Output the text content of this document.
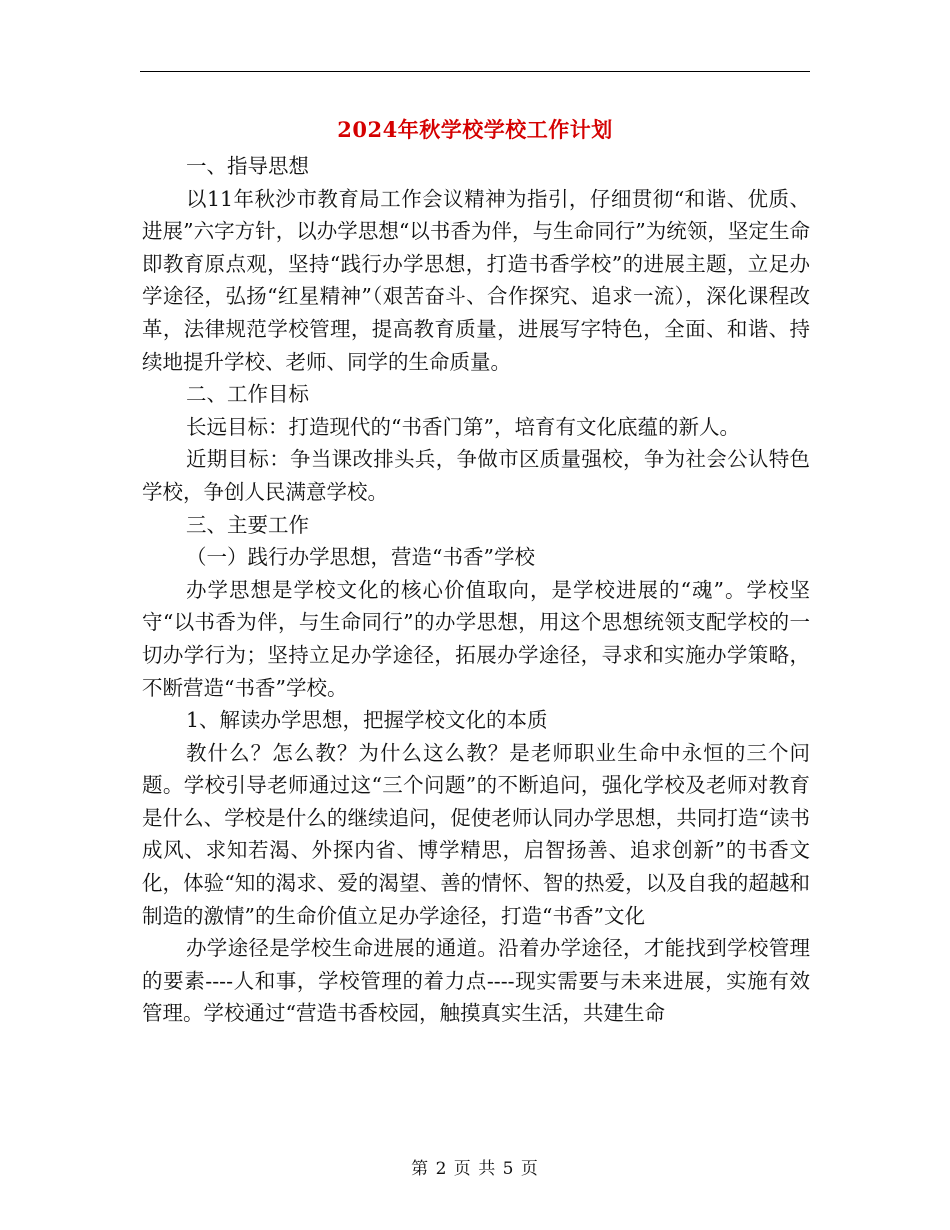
2024年秋学校学校工作计划

一、指导思想

以11年秋沙市教育局工作会议精神为指引，仔细贯彻“和谐、优质、进展”六字方针，以办学思想“以书香为伴，与生命同行”为统领，坚定生命即教育原点观，坚持“践行办学思想，打造书香学校”的进展主题，立足办学途径，弘扬“红星精神”（艰苦奋斗、合作探究、追求一流），深化课程改革，法律规范学校管理，提高教育质量，进展写字特色，全面、和谐、持续地提升学校、老师、同学的生命质量。

二、工作目标

长远目标：打造现代的“书香门第”，培育有文化底蕴的新人。

近期目标：争当课改排头兵，争做市区质量强校，争为社会公认特色学校，争创人民满意学校。

三、主要工作

（一）践行办学思想，营造“书香”学校

办学思想是学校文化的核心价值取向，是学校进展的“魂”。学校坚守“以书香为伴，与生命同行”的办学思想，用这个思想统领支配学校的一切办学行为；坚持立足办学途径，拓展办学途径，寻求和实施办学策略，不断营造“书香”学校。

1、解读办学思想，把握学校文化的本质

教什么？怎么教？为什么这么教？是老师职业生命中永恒的三个问题。学校引导老师通过这“三个问题”的不断追问，强化学校及老师对教育是什么、学校是什么的继续追问，促使老师认同办学思想，共同打造“读书成风、求知若渴、外探内省、博学精思，启智扬善、追求创新”的书香文化，体验“知的渴求、爱的渴望、善的情怀、智的热爱，以及自我的超越和制造的激情”的生命价值立足办学途径，打造“书香”文化

办学途径是学校生命进展的通道。沿着办学途径，才能找到学校管理的要素----人和事，学校管理的着力点----现实需要与未来进展，实施有效管理。学校通过“营造书香校园，触摸真实生活，共建生命

第 2 页 共 5 页
